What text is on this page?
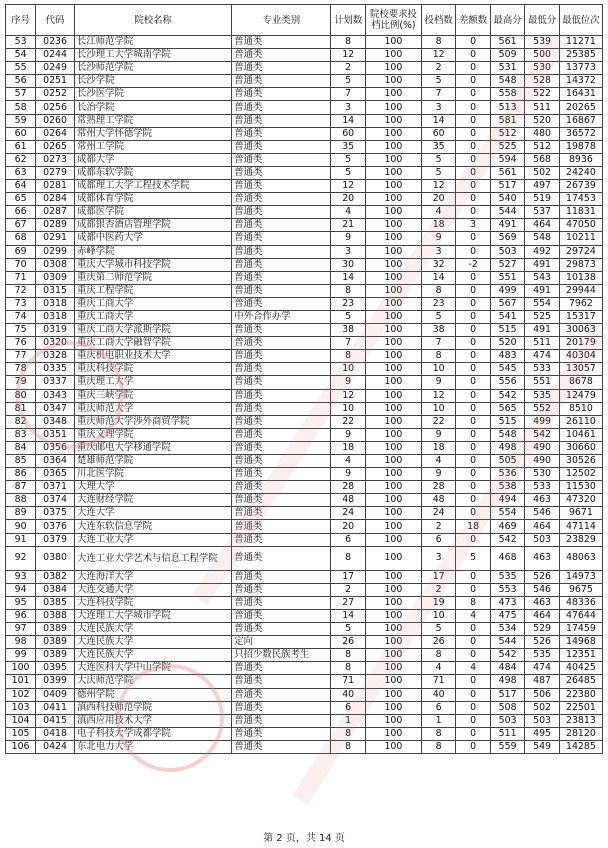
序号	代码	院校名称	专业类别	计划数	院校要求投档比例(%)	投档数	差额数	最高分	最低分	最低位次
53	0236	长江师范学院	普通类	8	100	8	0	561	539	11271
54	0244	长沙理工大学城南学院	普通类	12	100	12	0	509	500	25385
55	0249	长沙师范学院	普通类	2	100	2	0	531	530	13773
56	0251	长沙学院	普通类	5	100	5	0	548	528	14372
57	0252	长沙医学院	普通类	7	100	7	0	558	522	16431
58	0256	长治学院	普通类	3	100	3	0	513	511	20265
59	0260	常熟理工学院	普通类	14	100	14	0	581	520	16867
60	0264	常州大学怀德学院	普通类	60	100	60	0	512	480	36572
61	0265	常州工学院	普通类	35	100	35	0	525	512	19878
62	0273	成都大学	普通类	5	100	5	0	594	568	8936
63	0279	成都东软学院	普通类	5	100	5	0	561	502	24240
64	0281	成都理工大学工程技术学院	普通类	12	100	12	0	517	497	26739
65	0284	成都体育学院	普通类	20	100	20	0	540	519	17453
66	0287	成都医学院	普通类	4	100	4	0	544	537	11831
67	0289	成都银杏酒店管理学院	普通类	21	100	18	3	491	464	47050
68	0291	成都中医药大学	普通类	9	100	9	0	569	548	10211
69	0299	赤峰学院	普通类	3	100	3	0	503	492	29724
70	0308	重庆大学城市科技学院	普通类	30	100	32	-2	527	491	29873
71	0309	重庆第二师范学院	普通类	14	100	14	0	551	543	10138
72	0315	重庆工程学院	普通类	8	100	8	0	499	491	29944
73	0318	重庆工商大学	普通类	23	100	23	0	567	554	7962
74	0318	重庆工商大学	中外合作办学	5	100	5	0	541	525	15317
75	0319	重庆工商大学派斯学院	普通类	38	100	38	0	515	491	30063
76	0320	重庆工商大学融智学院	普通类	7	100	7	0	520	511	20179
77	0328	重庆机电职业技术大学	普通类	8	100	8	0	483	474	40304
78	0335	重庆科技学院	普通类	10	100	10	0	545	533	13057
79	0337	重庆理工大学	普通类	9	100	9	0	556	551	8678
80	0343	重庆三峡学院	普通类	12	100	12	0	542	535	12479
81	0347	重庆师范大学	普通类	10	100	10	0	565	552	8510
82	0348	重庆师范大学涉外商贸学院	普通类	22	100	22	0	515	499	26110
83	0351	重庆文理学院	普通类	9	100	9	0	548	542	10461
84	0356	重庆邮电大学移通学院	普通类	18	100	18	0	498	490	30660
85	0364	楚雄师范学院	普通类	4	100	4	0	505	490	30526
86	0365	川北医学院	普通类	9	100	9	0	536	530	12502
87	0371	大理大学	普通类	28	100	28	0	538	533	11530
88	0374	大连财经学院	普通类	48	100	48	0	494	463	47320
89	0375	大连大学	普通类	24	100	24	0	554	546	9671
90	0376	大连东软信息学院	普通类	20	100	2	18	469	464	47114
91	0379	大连工业大学	普通类	6	100	6	0	542	503	23829
92	0380	大连工业大学艺术与信息工程学院	普通类	8	100	3	5	468	463	48063
93	0382	大连海洋大学	普通类	17	100	17	0	535	526	14973
94	0384	大连交通大学	普通类	2	100	2	0	553	546	9675
95	0385	大连科技学院	普通类	27	100	19	8	473	463	48336
96	0388	大连理工大学城市学院	普通类	14	100	10	4	475	464	47644
97	0389	大连民族大学	普通类	5	100	5	0	534	529	17459
98	0389	大连民族大学	定向	26	100	26	0	544	526	14968
99	0389	大连民族大学	只招少数民族考生	8	100	8	0	542	535	12351
100	0395	大连医科大学中山学院	普通类	8	100	4	4	484	474	40425
101	0399	大庆师范学院	普通类	71	100	71	0	498	487	26485
102	0409	德州学院	普通类	40	100	40	0	517	506	22380
103	0411	滇西科技师范学院	普通类	6	100	6	0	508	502	22501
104	0415	滇西应用技术大学	普通类	1	100	1	0	503	503	23813
105	0418	电子科技大学成都学院	普通类	8	100	8	0	511	495	28120
106	0424	东北电力大学	普通类	8	100	8	0	559	549	14285
第 2 页，共 14 页
